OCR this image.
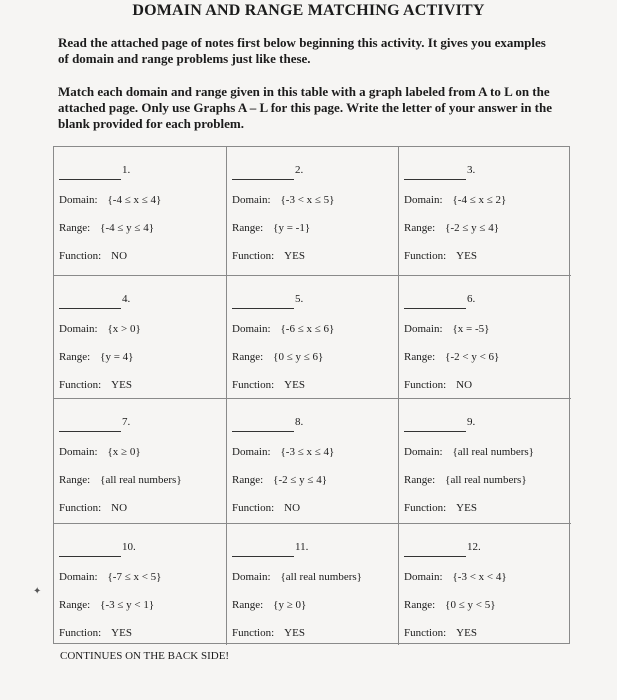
DOMAIN AND RANGE MATCHING ACTIVITY
Read the attached page of notes first below beginning this activity. It gives you examples of domain and range problems just like these.
Match each domain and range given in this table with a graph labeled from A to L on the attached page. Only use Graphs A – L for this page. Write the letter of your answer in the blank provided for each problem.
1.
Domain: {-4 ≤ x ≤ 4}
Range: {-4 ≤ y ≤ 4}
Function: NO
2.
Domain: {-3 < x ≤ 5}
Range: {y = -1}
Function: YES
3.
Domain: {-4 ≤ x ≤ 2}
Range: {-2 ≤ y ≤ 4}
Function: YES
4.
Domain: {x > 0}
Range: {y = 4}
Function: YES
5.
Domain: {-6 ≤ x ≤ 6}
Range: {0 ≤ y ≤ 6}
Function: YES
6.
Domain: {x = -5}
Range: {-2 < y < 6}
Function: NO
7.
Domain: {x ≥ 0}
Range: {all real numbers}
Function: NO
8.
Domain: {-3 ≤ x ≤ 4}
Range: {-2 ≤ y ≤ 4}
Function: NO
9.
Domain: {all real numbers}
Range: {all real numbers}
Function: YES
10.
Domain: {-7 ≤ x < 5}
Range: {-3 ≤ y < 1}
Function: YES
11.
Domain: {all real numbers}
Range: {y ≥ 0}
Function: YES
12.
Domain: {-3 < x < 4}
Range: {0 ≤ y < 5}
Function: YES
✦
CONTINUES ON THE BACK SIDE!
